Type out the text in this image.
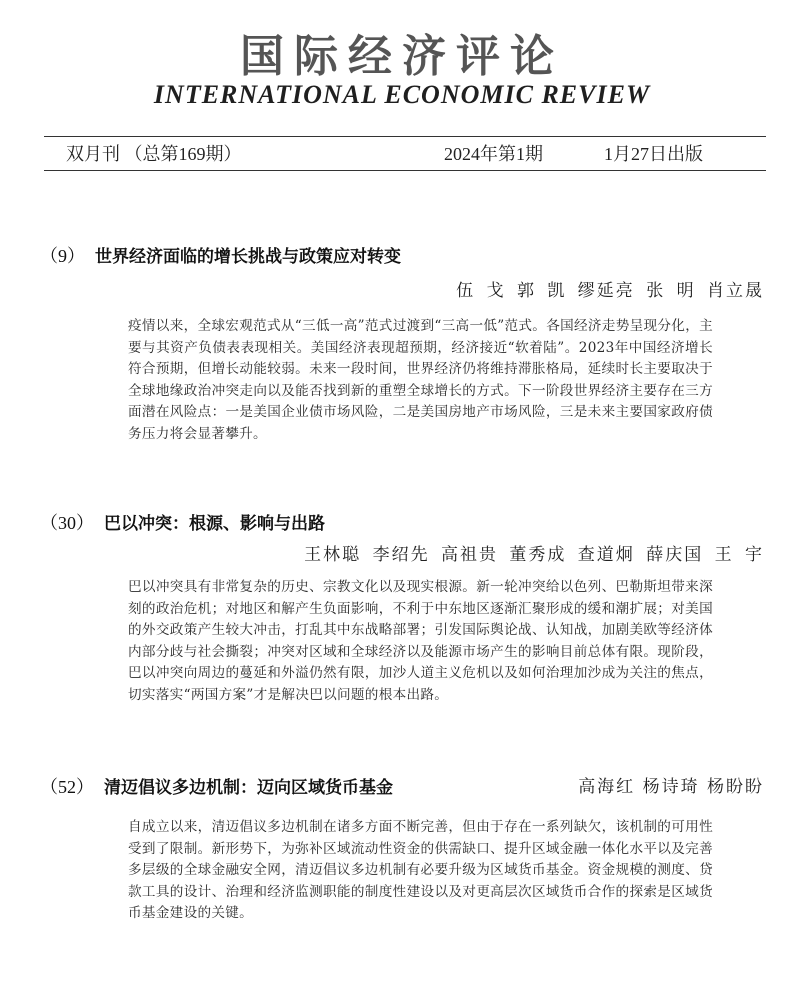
国际经济评论
INTERNATIONAL ECONOMIC REVIEW
双月刊 （总第169期）	2024年第1期	1月27日出版
（9） 世界经济面临的增长挑战与政策应对转变
伍 戈 郭 凯 缪延亮 张 明 肖立晟
疫情以来，全球宏观范式从“三低一高”范式过渡到“三高一低”范式。各国经济走势呈现分化，主要与其资产负债表表现相关。美国经济表现超预期，经济接近“软着陆”。2023年中国经济增长符合预期，但增长动能较弱。未来一段时间，世界经济仍将维持滞胀格局，延续时长主要取决于全球地缘政治冲突走向以及能否找到新的重塑全球增长的方式。下一阶段世界经济主要存在三方面潜在风险点：一是美国企业债市场风险，二是美国房地产市场风险，三是未来主要国家政府债务压力将会显著攀升。
（30） 巴以冲突：根源、影响与出路
王林聪 李绍先 高祖贵 董秀成 查道炯 薛庆国 王 宇
巴以冲突具有非常复杂的历史、宗教文化以及现实根源。新一轮冲突给以色列、巴勒斯坦带来深刻的政治危机；对地区和解产生负面影响，不利于中东地区逐渐汇聚形成的缓和潮扩展；对美国的外交政策产生较大冲击，打乱其中东战略部署；引发国际舆论战、认知战，加剧美欧等经济体内部分歧与社会撕裂；冲突对区域和全球经济以及能源市场产生的影响目前总体有限。现阶段，巴以冲突向周边的蔓延和外溢仍然有限，加沙人道主义危机以及如何治理加沙成为关注的焦点，切实落实“两国方案”才是解决巴以问题的根本出路。
（52） 清迈倡议多边机制：迈向区域货币基金	高海红 杨诗琦 杨盼盼
自成立以来，清迈倡议多边机制在诸多方面不断完善，但由于存在一系列缺欠，该机制的可用性受到了限制。新形势下，为弥补区域流动性资金的供需缺口、提升区域金融一体化水平以及完善多层级的全球金融安全网，清迈倡议多边机制有必要升级为区域货币基金。资金规模的测度、贷款工具的设计、治理和经济监测职能的制度性建设以及对更高层次区域货币合作的探索是区域货币基金建设的关键。
